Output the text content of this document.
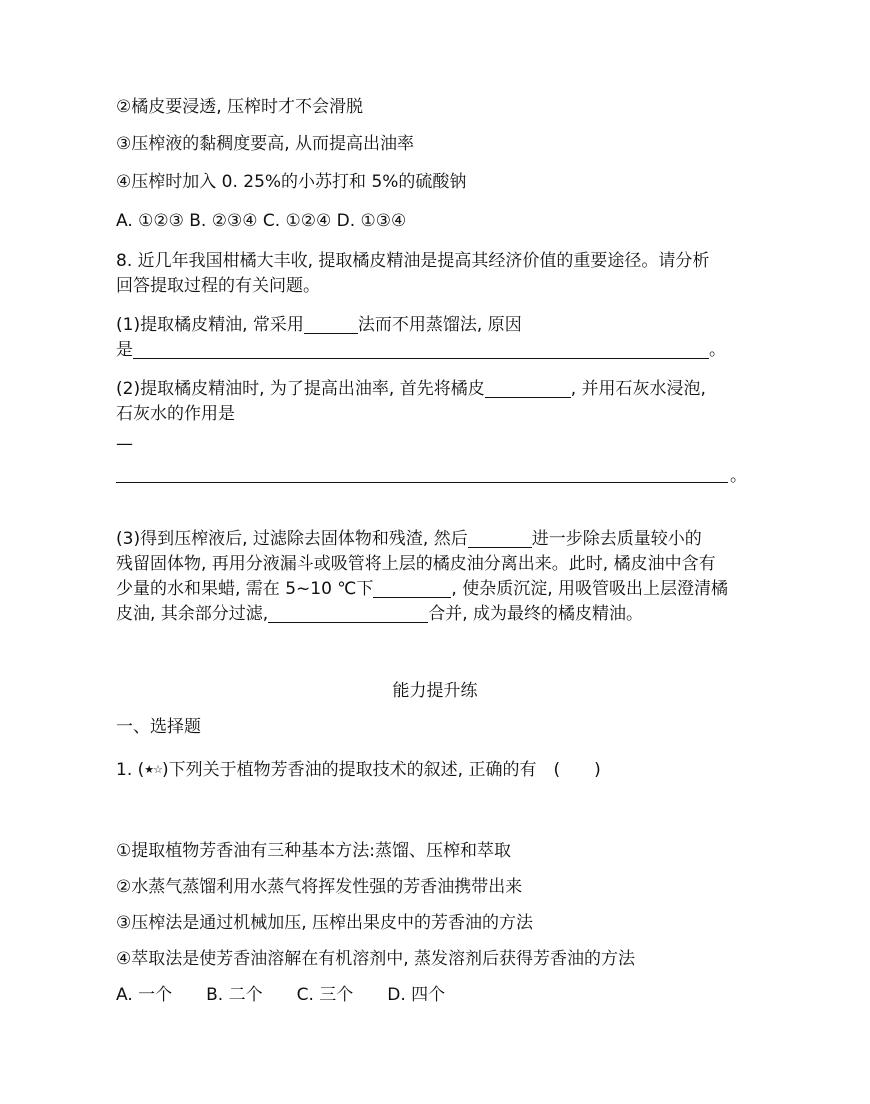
②橘皮要浸透, 压榨时才不会滑脱

③压榨液的黏稠度要高, 从而提高出油率

④压榨时加入 0. 25%的小苏打和 5%的硫酸钠

A. ①②③ B. ②③④ C. ①②④ D. ①③④

8. 近几年我国柑橘大丰收, 提取橘皮精油是提高其经济价值的重要途径。请分析

回答提取过程的有关问题。

(1)提取橘皮精油, 常采用	法而不用蒸馏法, 原因

是	。

(2)提取橘皮精油时, 为了提高出油率, 首先将橘皮	, 并用石灰水浸泡,

石灰水的作用是

—

。

(3)得到压榨液后, 过滤除去固体物和残渣, 然后	进一步除去质量较小的

残留固体物, 再用分液漏斗或吸管将上层的橘皮油分离出来。此时, 橘皮油中含有

少量的水和果蜡, 需在 5~10 ℃下	, 使杂质沉淀, 用吸管吸出上层澄清橘

皮油, 其余部分过滤,	合并, 成为最终的橘皮精油。

能力提升练

一、选择题

1. (★☆)下列关于植物芳香油的提取技术的叙述, 正确的有　(　　)

①提取植物芳香油有三种基本方法:蒸馏、压榨和萃取

②水蒸气蒸馏利用水蒸气将挥发性强的芳香油携带出来

③压榨法是通过机械加压, 压榨出果皮中的芳香油的方法

④萃取法是使芳香油溶解在有机溶剂中, 蒸发溶剂后获得芳香油的方法

A. 一个　　B. 二个　　C. 三个　　D. 四个
